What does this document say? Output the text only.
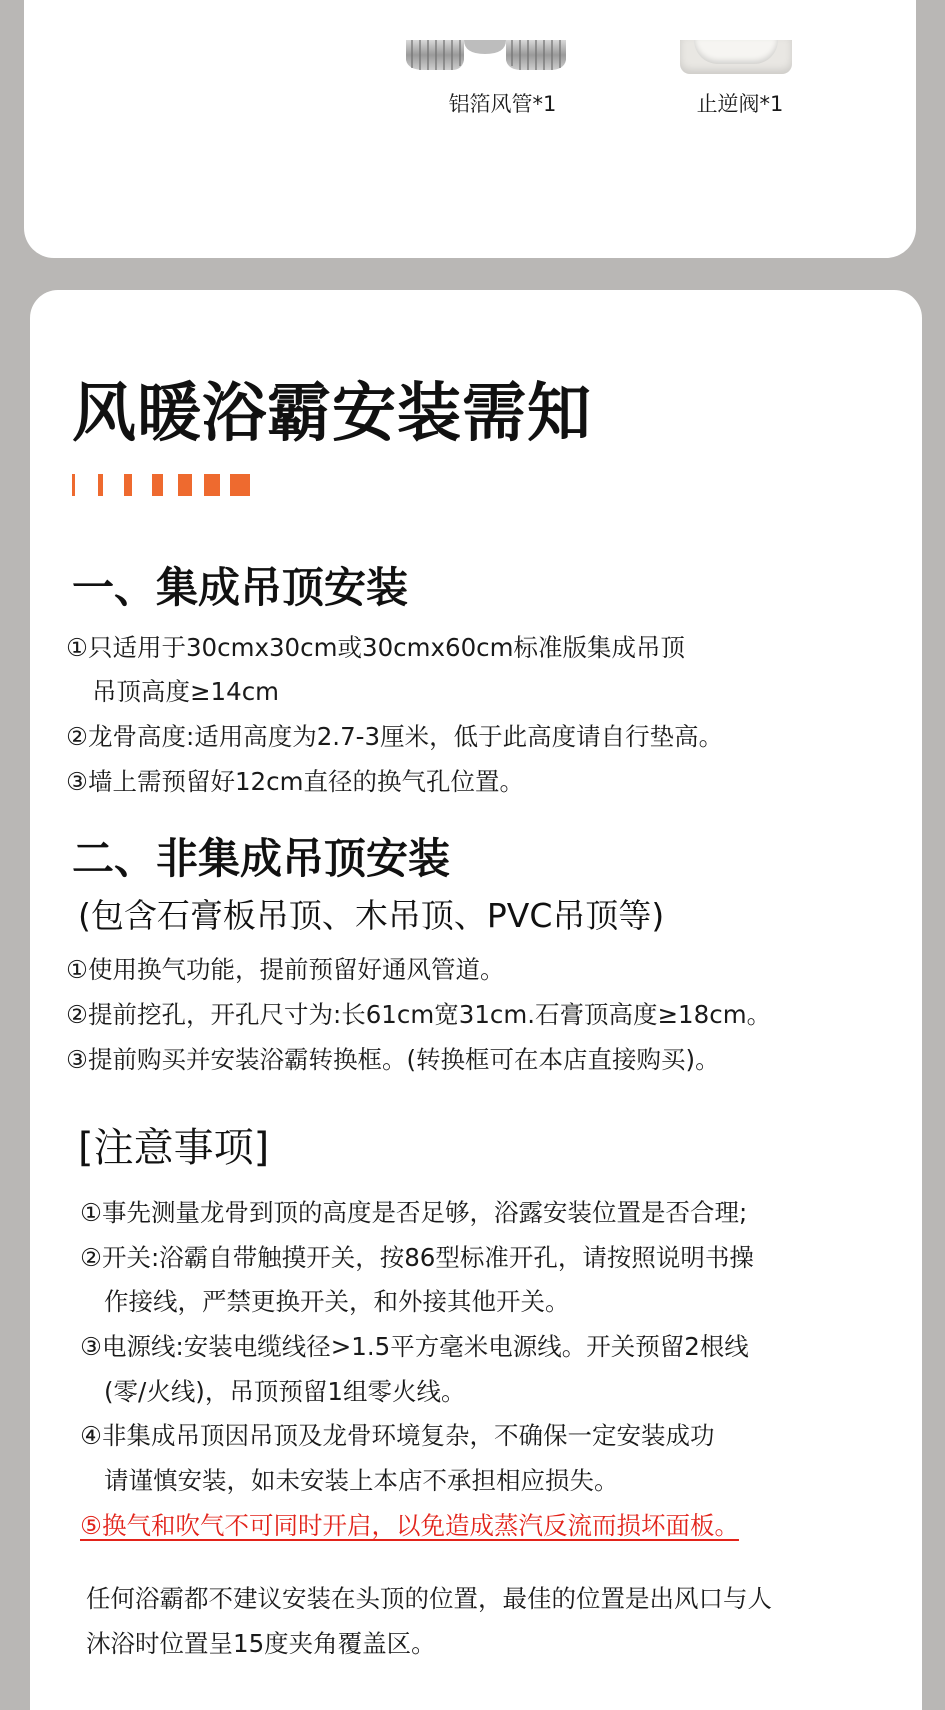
铝箔风管*1	止逆阀*1
风暖浴霸安装需知
一、集成吊顶安装

①只适用于30cmx30cm或30cmx60cm标准版集成吊顶

吊顶高度≥14cm

②龙骨高度:适用高度为2.7-3厘米，低于此高度请自行垫高。

③墙上需预留好12cm直径的换气孔位置。

二、非集成吊顶安装
(包含石膏板吊顶、木吊顶、PVC吊顶等)

①使用换气功能，提前预留好通风管道。

②提前挖孔，开孔尺寸为:长61cm宽31cm.石膏顶高度≥18cm。

③提前购买并安装浴霸转换框。(转换框可在本店直接购买)。

[注意事项]

①事先测量龙骨到顶的高度是否足够，浴露安装位置是否合理;

②开关:浴霸自带触摸开关，按86型标准开孔，请按照说明书操

作接线，严禁更换开关，和外接其他开关。

③电源线:安装电缆线径>1.5平方毫米电源线。开关预留2根线

(零/火线)，吊顶预留1组零火线。

④非集成吊顶因吊顶及龙骨环境复杂，不确保一定安装成功

请谨慎安装，如未安装上本店不承担相应损失。

⑤换气和吹气不可同时开启，以免造成蒸汽反流而损坏面板。

任何浴霸都不建议安装在头顶的位置，最佳的位置是出风口与人

沐浴时位置呈15度夹角覆盖区。
